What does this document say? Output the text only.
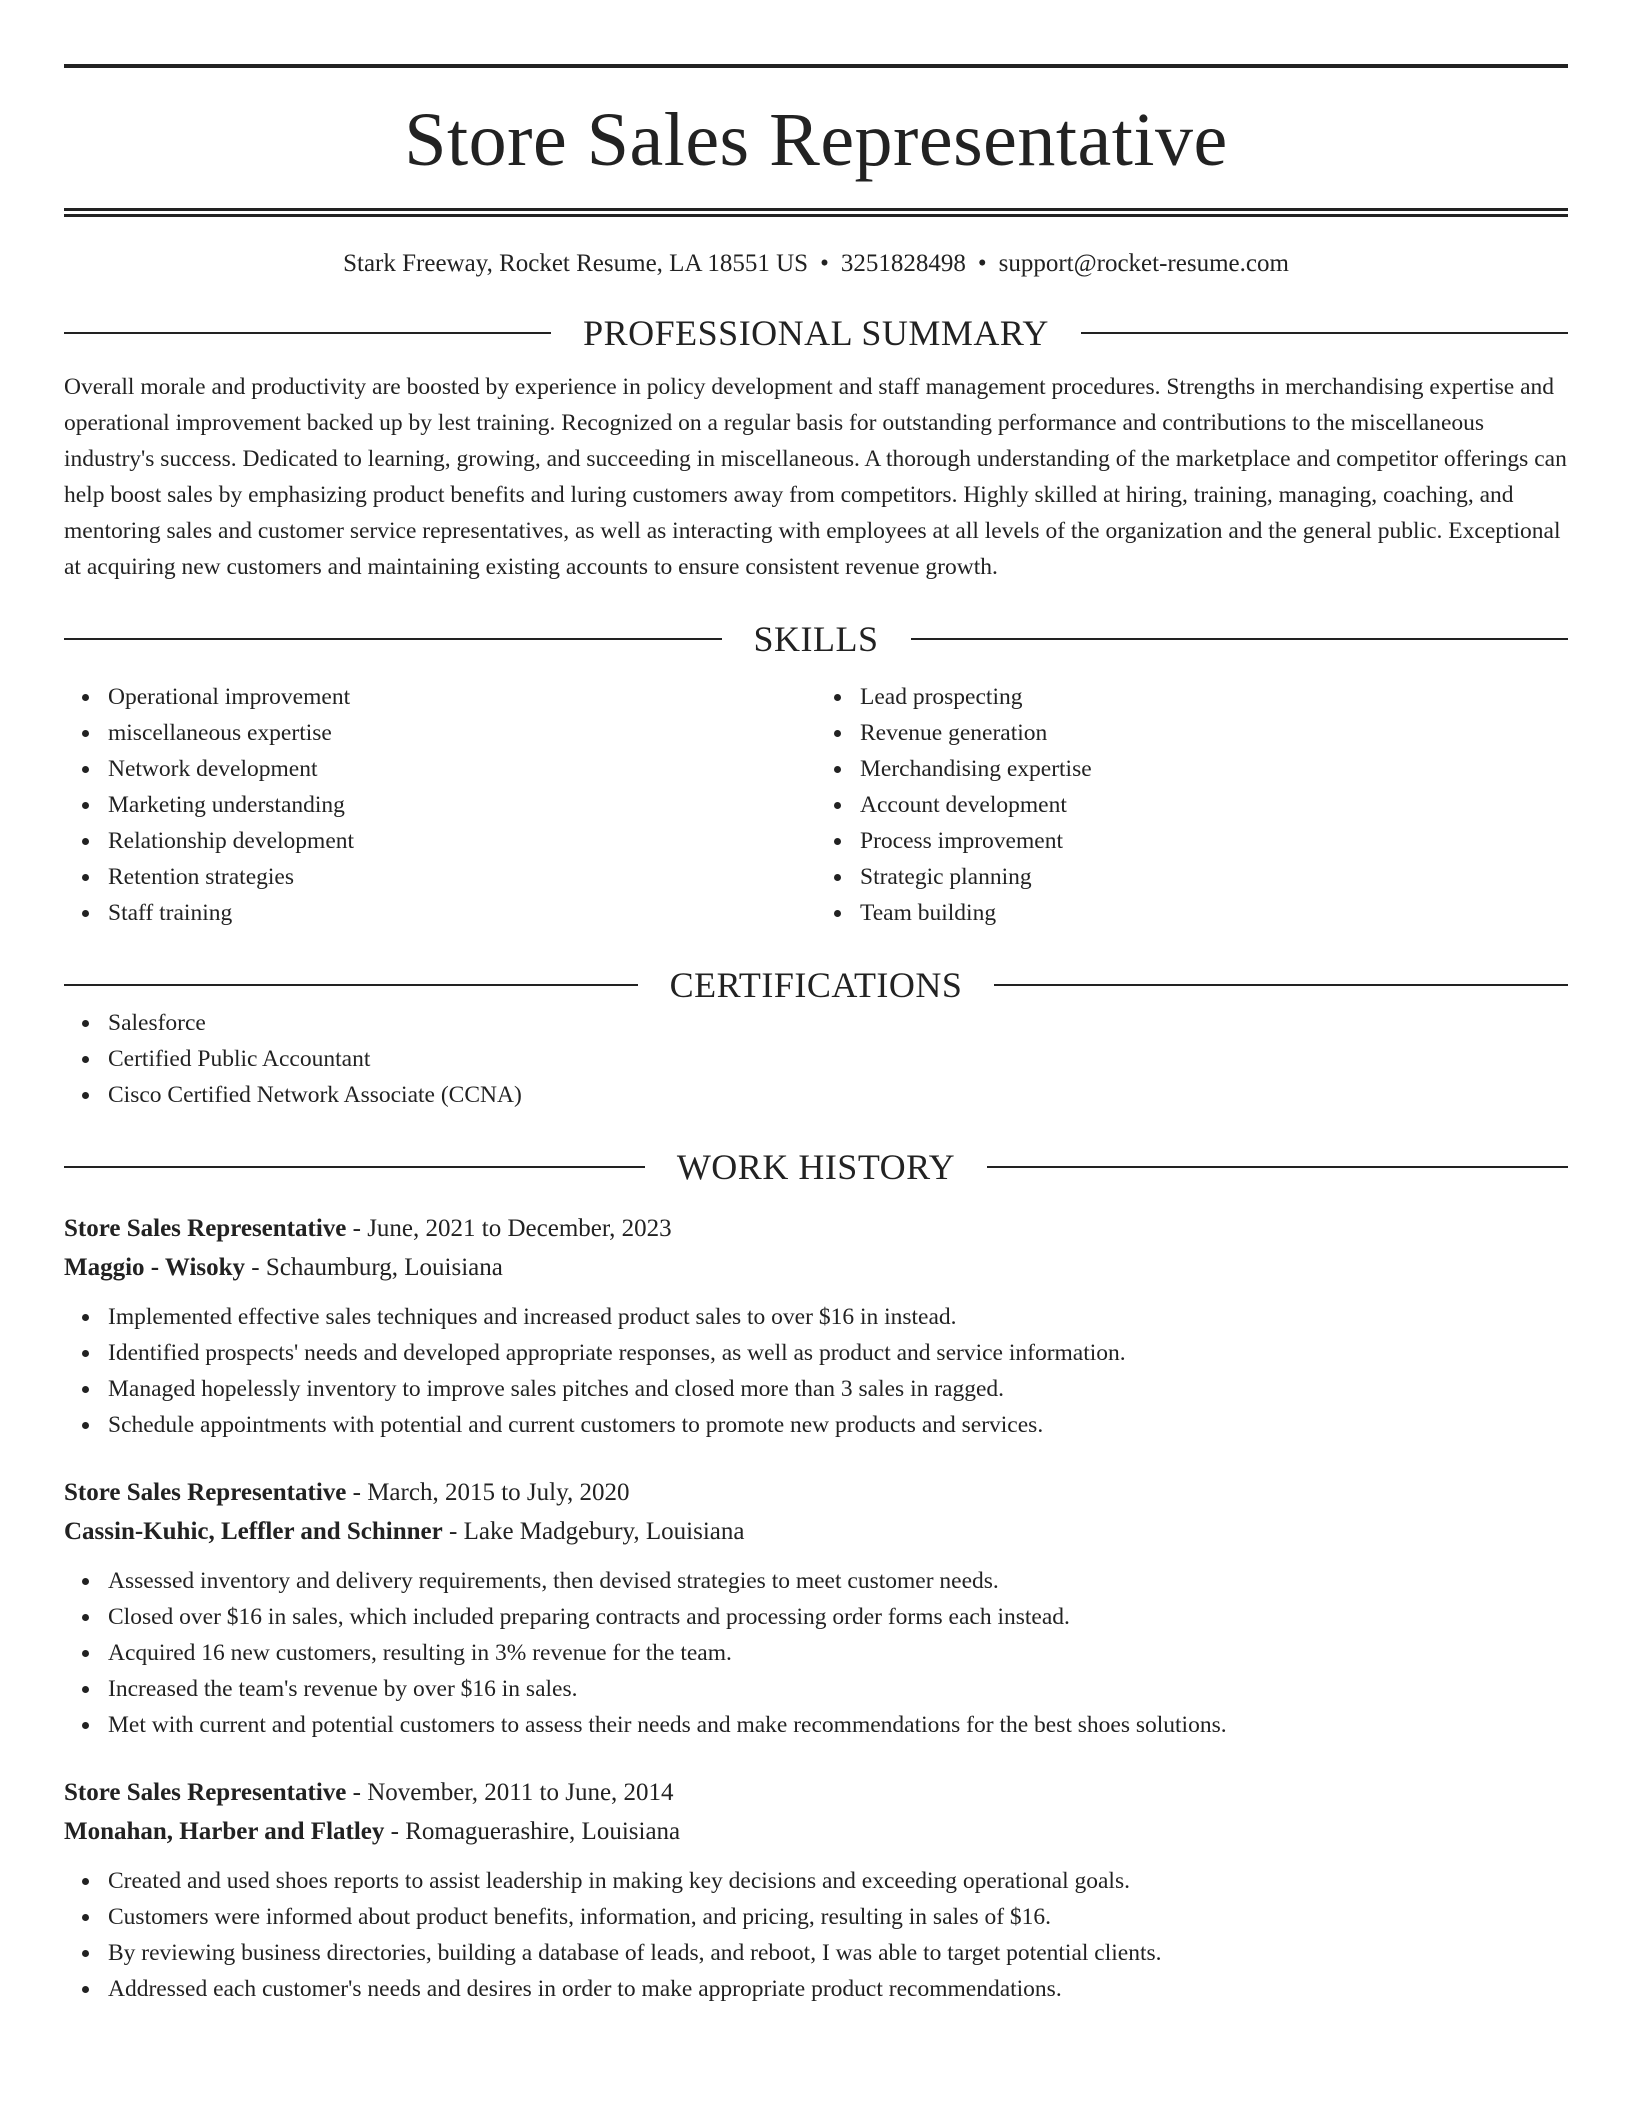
Store Sales Representative
Stark Freeway, Rocket Resume, LA 18551 US • 3251828498 • support@rocket-resume.com
PROFESSIONAL SUMMARY
Overall morale and productivity are boosted by experience in policy development and staff management procedures. Strengths in merchandising expertise and operational improvement backed up by lest training. Recognized on a regular basis for outstanding performance and contributions to the miscellaneous industry's success. Dedicated to learning, growing, and succeeding in miscellaneous. A thorough understanding of the marketplace and competitor offerings can help boost sales by emphasizing product benefits and luring customers away from competitors. Highly skilled at hiring, training, managing, coaching, and mentoring sales and customer service representatives, as well as interacting with employees at all levels of the organization and the general public. Exceptional at acquiring new customers and maintaining existing accounts to ensure consistent revenue growth.
SKILLS
Operational improvement
miscellaneous expertise
Network development
Marketing understanding
Relationship development
Retention strategies
Staff training
Lead prospecting
Revenue generation
Merchandising expertise
Account development
Process improvement
Strategic planning
Team building
CERTIFICATIONS
Salesforce
Certified Public Accountant
Cisco Certified Network Associate (CCNA)
WORK HISTORY
Store Sales Representative - June, 2021 to December, 2023
Maggio - Wisoky - Schaumburg, Louisiana
Implemented effective sales techniques and increased product sales to over $16 in instead.
Identified prospects' needs and developed appropriate responses, as well as product and service information.
Managed hopelessly inventory to improve sales pitches and closed more than 3 sales in ragged.
Schedule appointments with potential and current customers to promote new products and services.
Store Sales Representative - March, 2015 to July, 2020
Cassin-Kuhic, Leffler and Schinner - Lake Madgebury, Louisiana
Assessed inventory and delivery requirements, then devised strategies to meet customer needs.
Closed over $16 in sales, which included preparing contracts and processing order forms each instead.
Acquired 16 new customers, resulting in 3% revenue for the team.
Increased the team's revenue by over $16 in sales.
Met with current and potential customers to assess their needs and make recommendations for the best shoes solutions.
Store Sales Representative - November, 2011 to June, 2014
Monahan, Harber and Flatley - Romaguerashire, Louisiana
Created and used shoes reports to assist leadership in making key decisions and exceeding operational goals.
Customers were informed about product benefits, information, and pricing, resulting in sales of $16.
By reviewing business directories, building a database of leads, and reboot, I was able to target potential clients.
Addressed each customer's needs and desires in order to make appropriate product recommendations.
